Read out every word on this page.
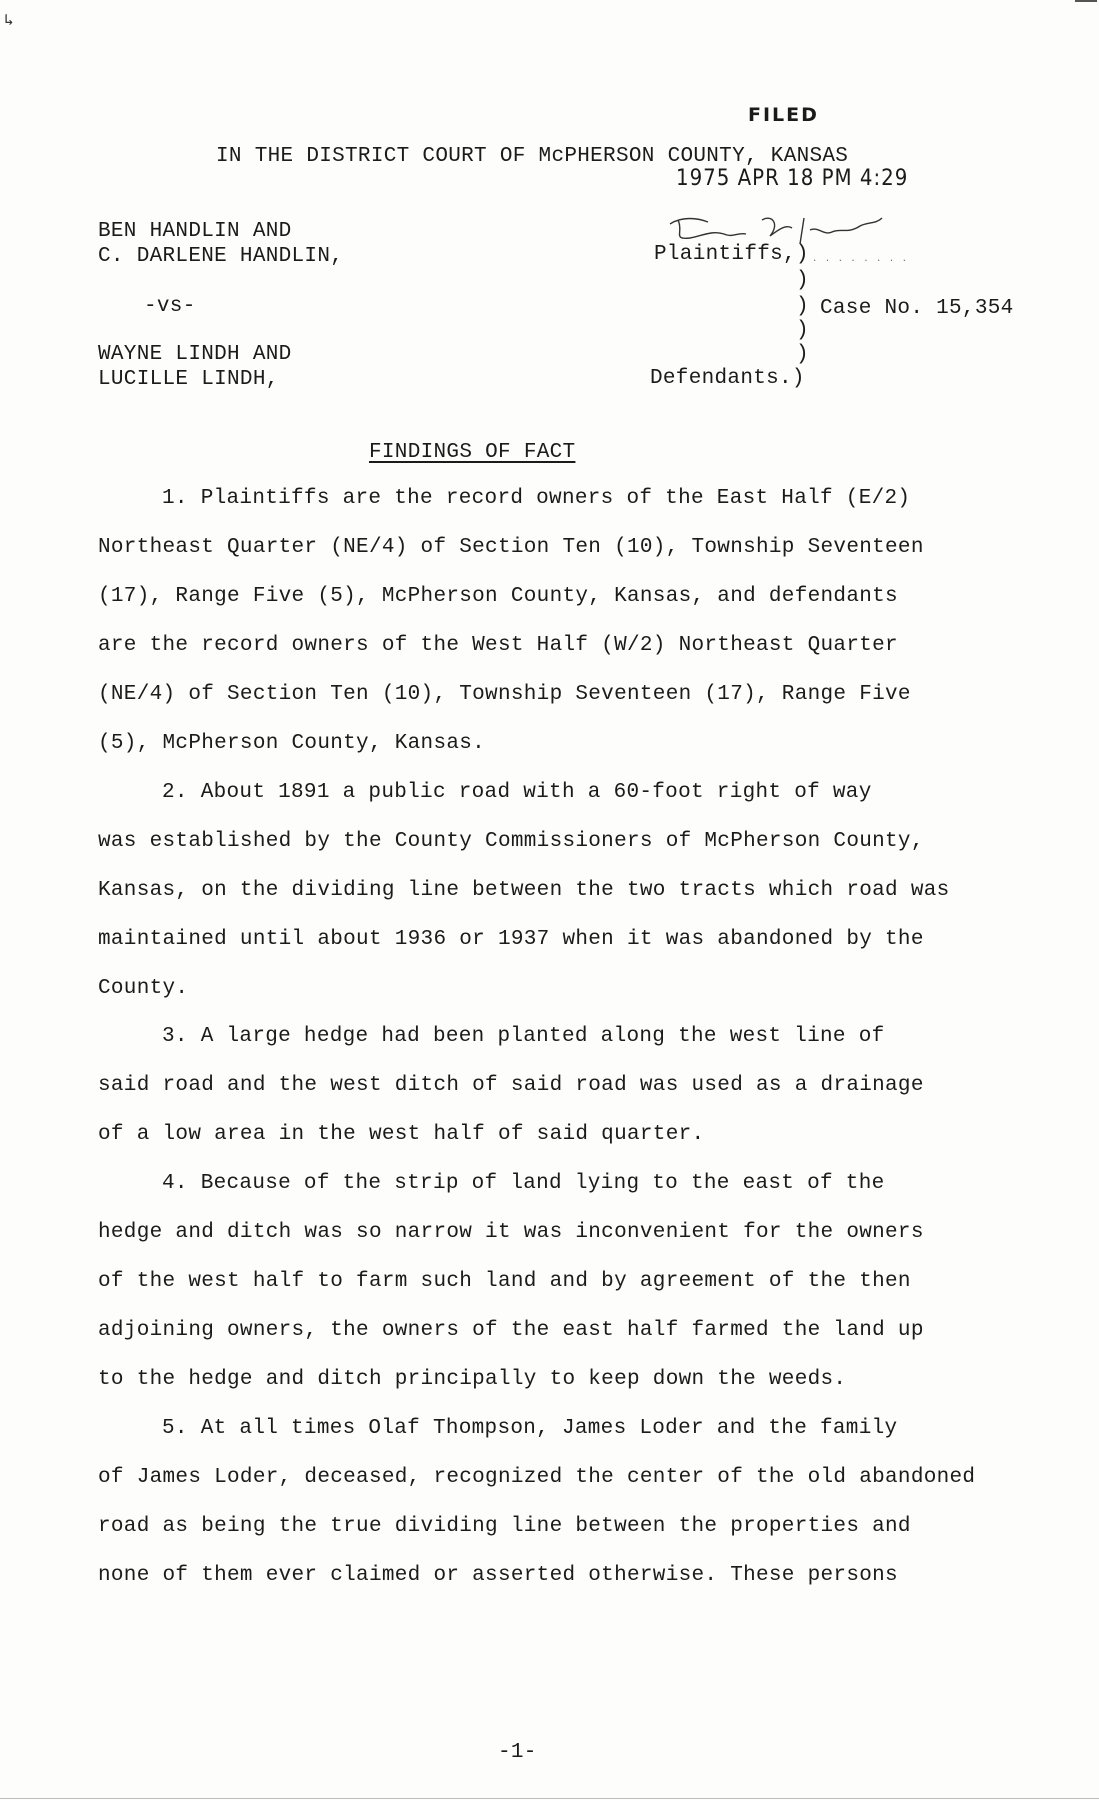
↳
FILED
IN THE DISTRICT COURT OF McPHERSON COUNTY, KANSAS
1975 APR 18 PM 4:29
· · · · · · · ·
BEN HANDLIN AND
C. DARLENE HANDLIN,	Plaintiffs,)
)
)
)
)
-vs-	Case No. 15,354
WAYNE LINDH AND
LUCILLE LINDH,	Defendants.)
FINDINGS OF FACT
1. Plaintiffs are the record owners of the East Half (E/2)
Northeast Quarter (NE/4) of Section Ten (10), Township Seventeen
(17), Range Five (5), McPherson County, Kansas, and defendants
are the record owners of the West Half (W/2) Northeast Quarter
(NE/4) of Section Ten (10), Township Seventeen (17), Range Five
(5), McPherson County, Kansas.
2. About 1891 a public road with a 60-foot right of way
was established by the County Commissioners of McPherson County,
Kansas, on the dividing line between the two tracts which road was
maintained until about 1936 or 1937 when it was abandoned by the
County.
3. A large hedge had been planted along the west line of
said road and the west ditch of said road was used as a drainage
of a low area in the west half of said quarter.
4. Because of the strip of land lying to the east of the
hedge and ditch was so narrow it was inconvenient for the owners
of the west half to farm such land and by agreement of the then
adjoining owners, the owners of the east half farmed the land up
to the hedge and ditch principally to keep down the weeds.
5. At all times Olaf Thompson, James Loder and the family
of James Loder, deceased, recognized the center of the old abandoned
road as being the true dividing line between the properties and
none of them ever claimed or asserted otherwise. These persons
-1-
